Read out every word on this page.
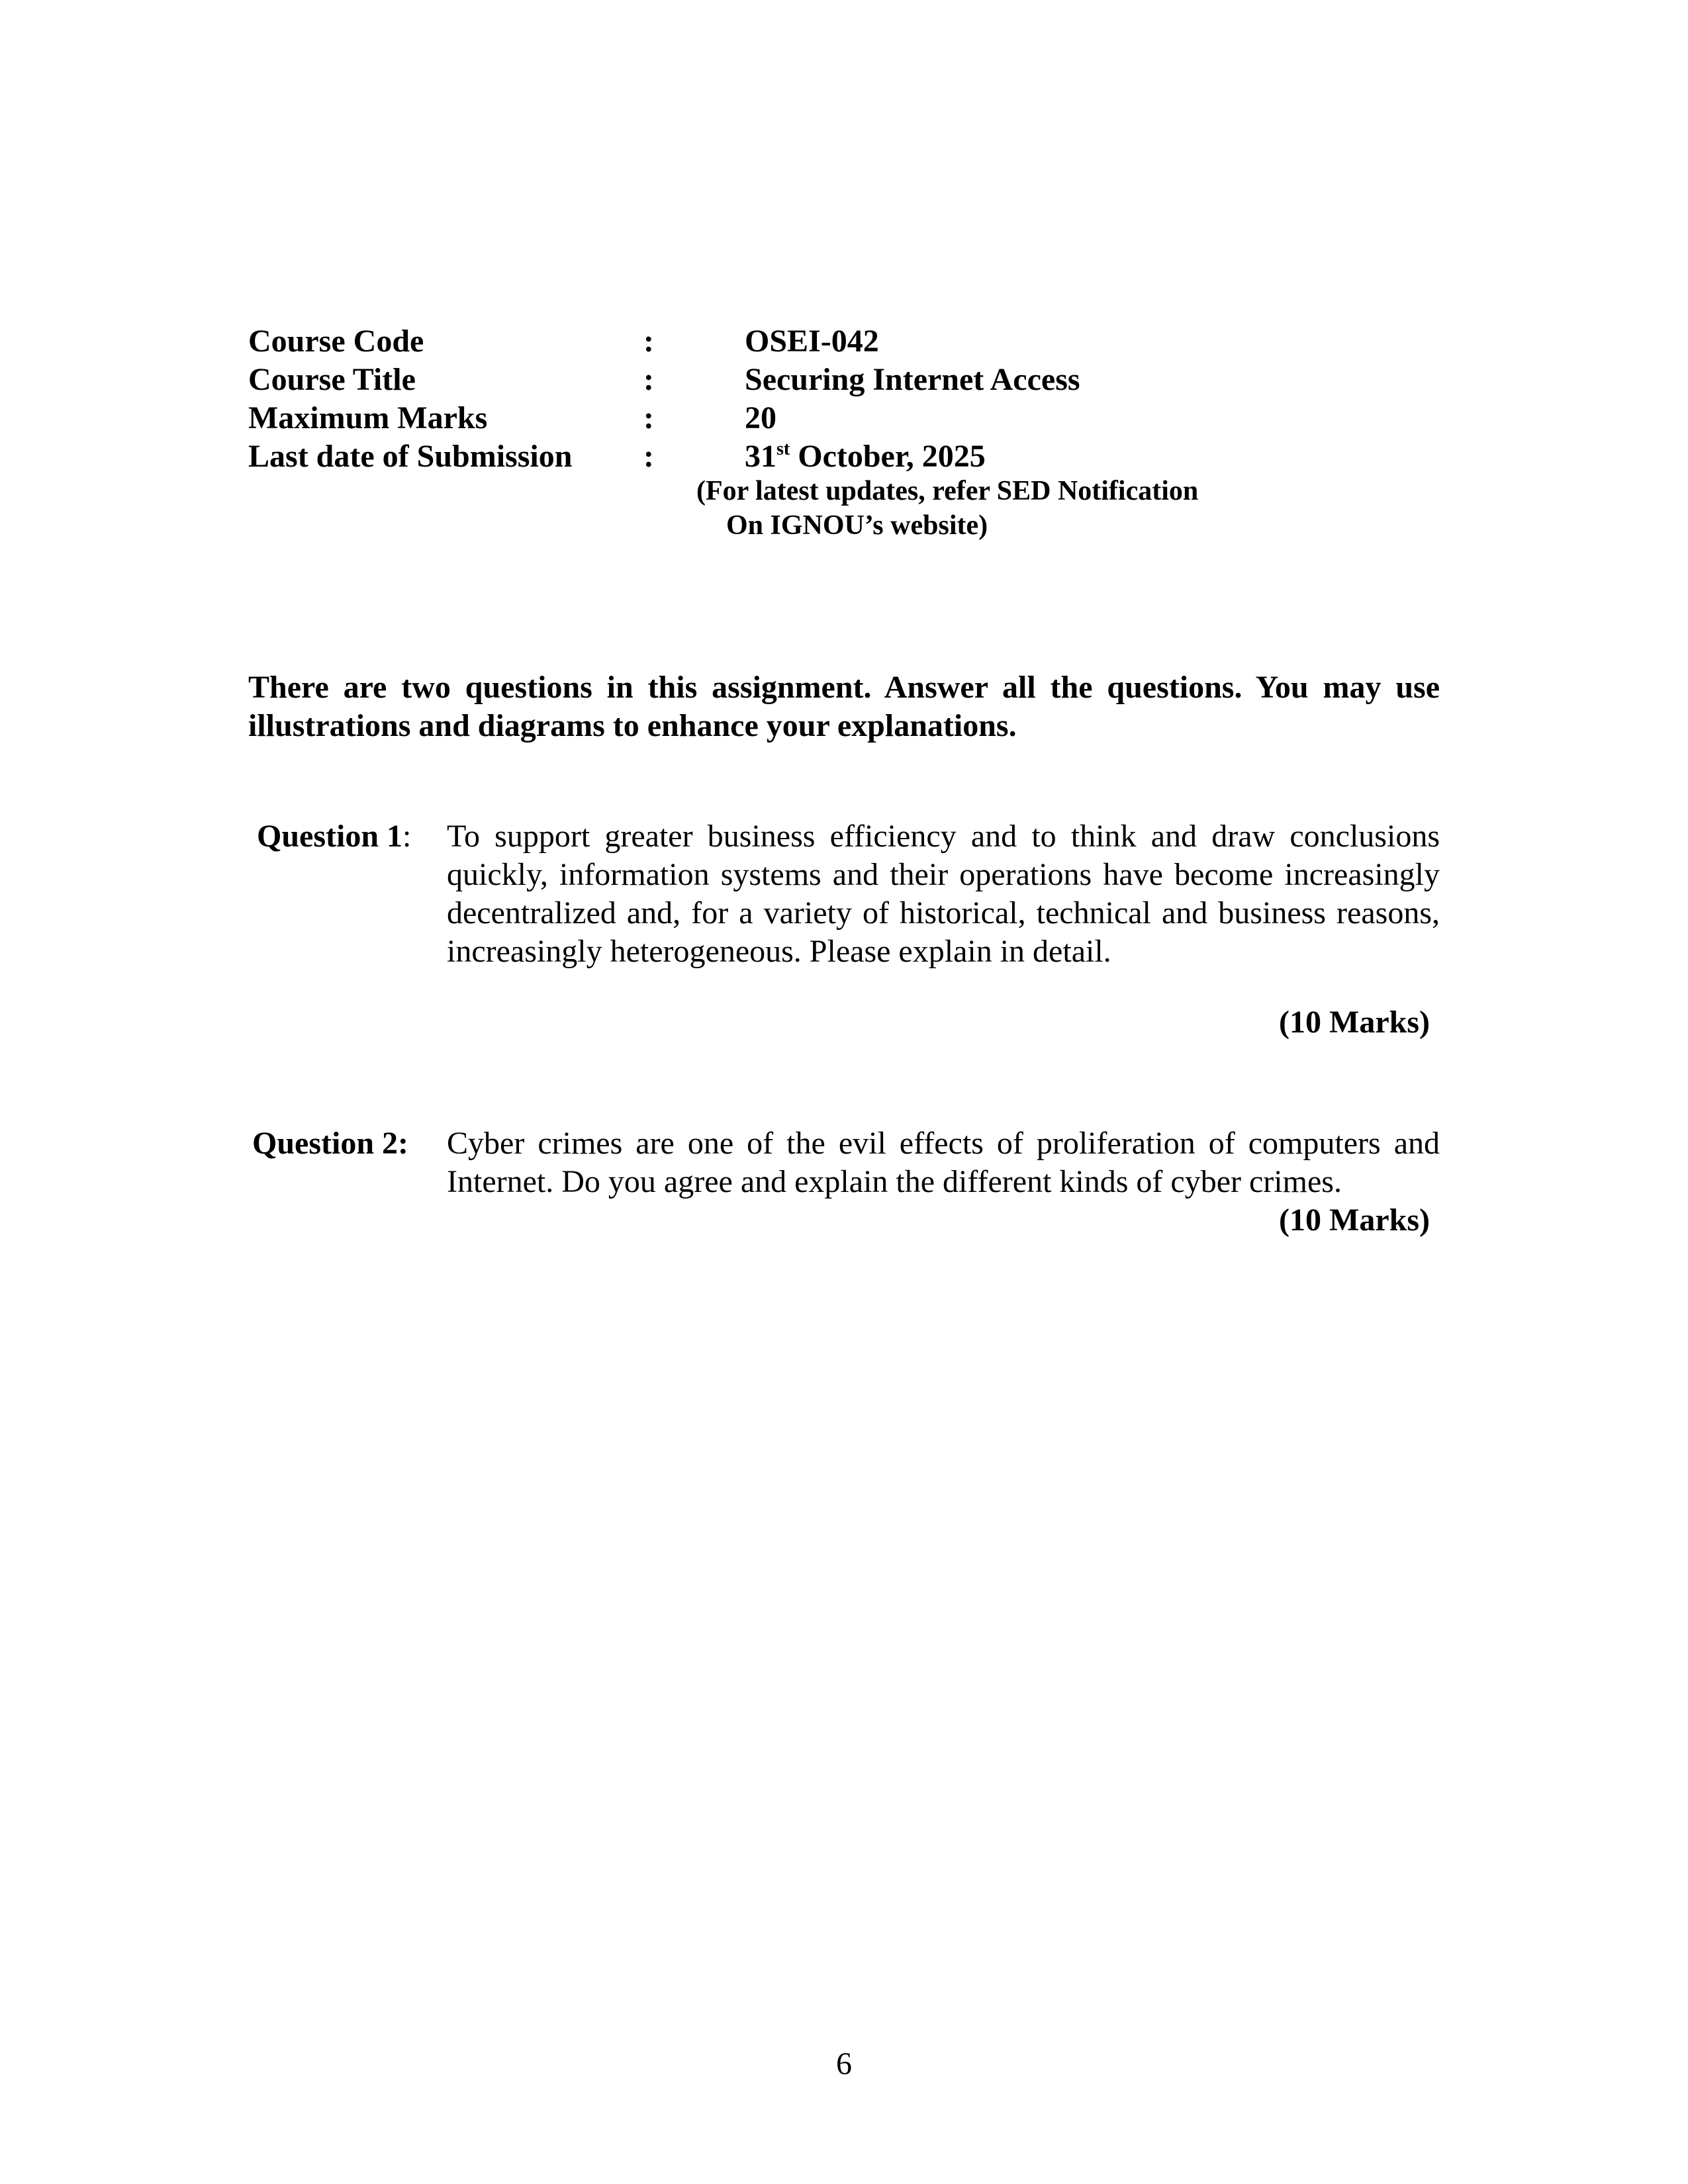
Course Code	:	OSEI-042
Course Title	:	Securing Internet Access
Maximum Marks	:	20
Last date of Submission :	31st October, 2025
(For latest updates, refer SED Notification
On IGNOU’s website)
There are two questions in this assignment. Answer all the questions. You may use illustrations and diagrams to enhance your explanations.
Question 1: To support greater business efficiency and to think and draw conclusions quickly, information systems and their operations have become increasingly decentralized and, for a variety of historical, technical and business reasons, increasingly heterogeneous. Please explain in detail.
(10 Marks)
Question 2: Cyber crimes are one of the evil effects of proliferation of computers and Internet. Do you agree and explain the different kinds of cyber crimes.
(10 Marks)
6
